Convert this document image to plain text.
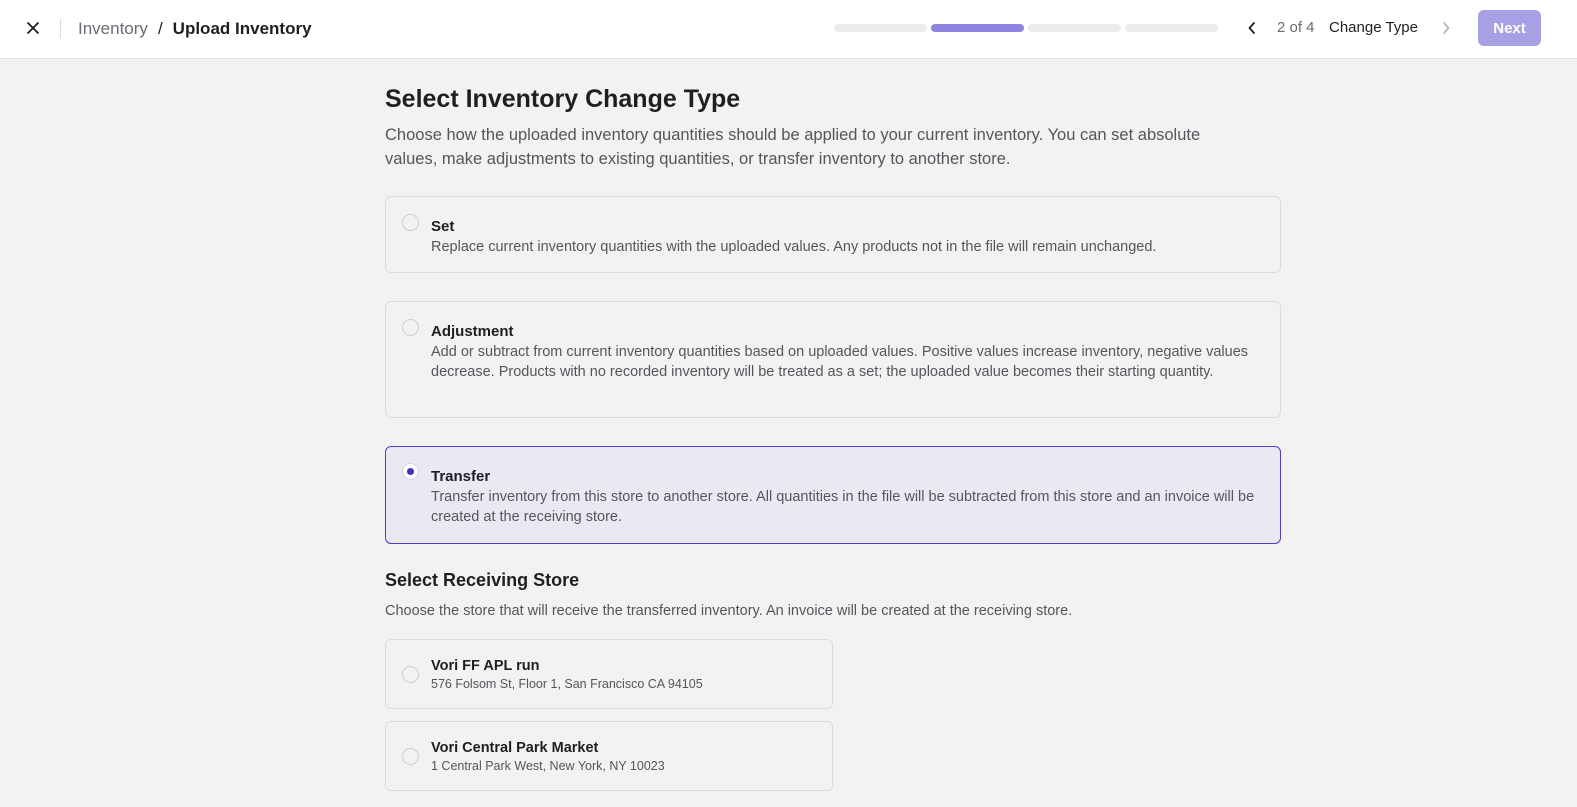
Inventory / Upload Inventory	2 of 4 Change Type	Next
Select Inventory Change Type

Choose how the uploaded inventory quantities should be applied to your current inventory. You can set absolute values, make adjustments to existing quantities, or transfer inventory to another store.

Set
Replace current inventory quantities with the uploaded values. Any products not in the file will remain unchanged.
Adjustment
Add or subtract from current inventory quantities based on uploaded values. Positive values increase inventory, negative values decrease. Products with no recorded inventory will be treated as a set; the uploaded value becomes their starting quantity.
Transfer
Transfer inventory from this store to another store. All quantities in the file will be subtracted from this store and an invoice will be created at the receiving store.
Select Receiving Store

Choose the store that will receive the transferred inventory. An invoice will be created at the receiving store.

Vori FF APL run
576 Folsom St, Floor 1, San Francisco CA 94105
Vori Central Park Market
1 Central Park West, New York, NY 10023
